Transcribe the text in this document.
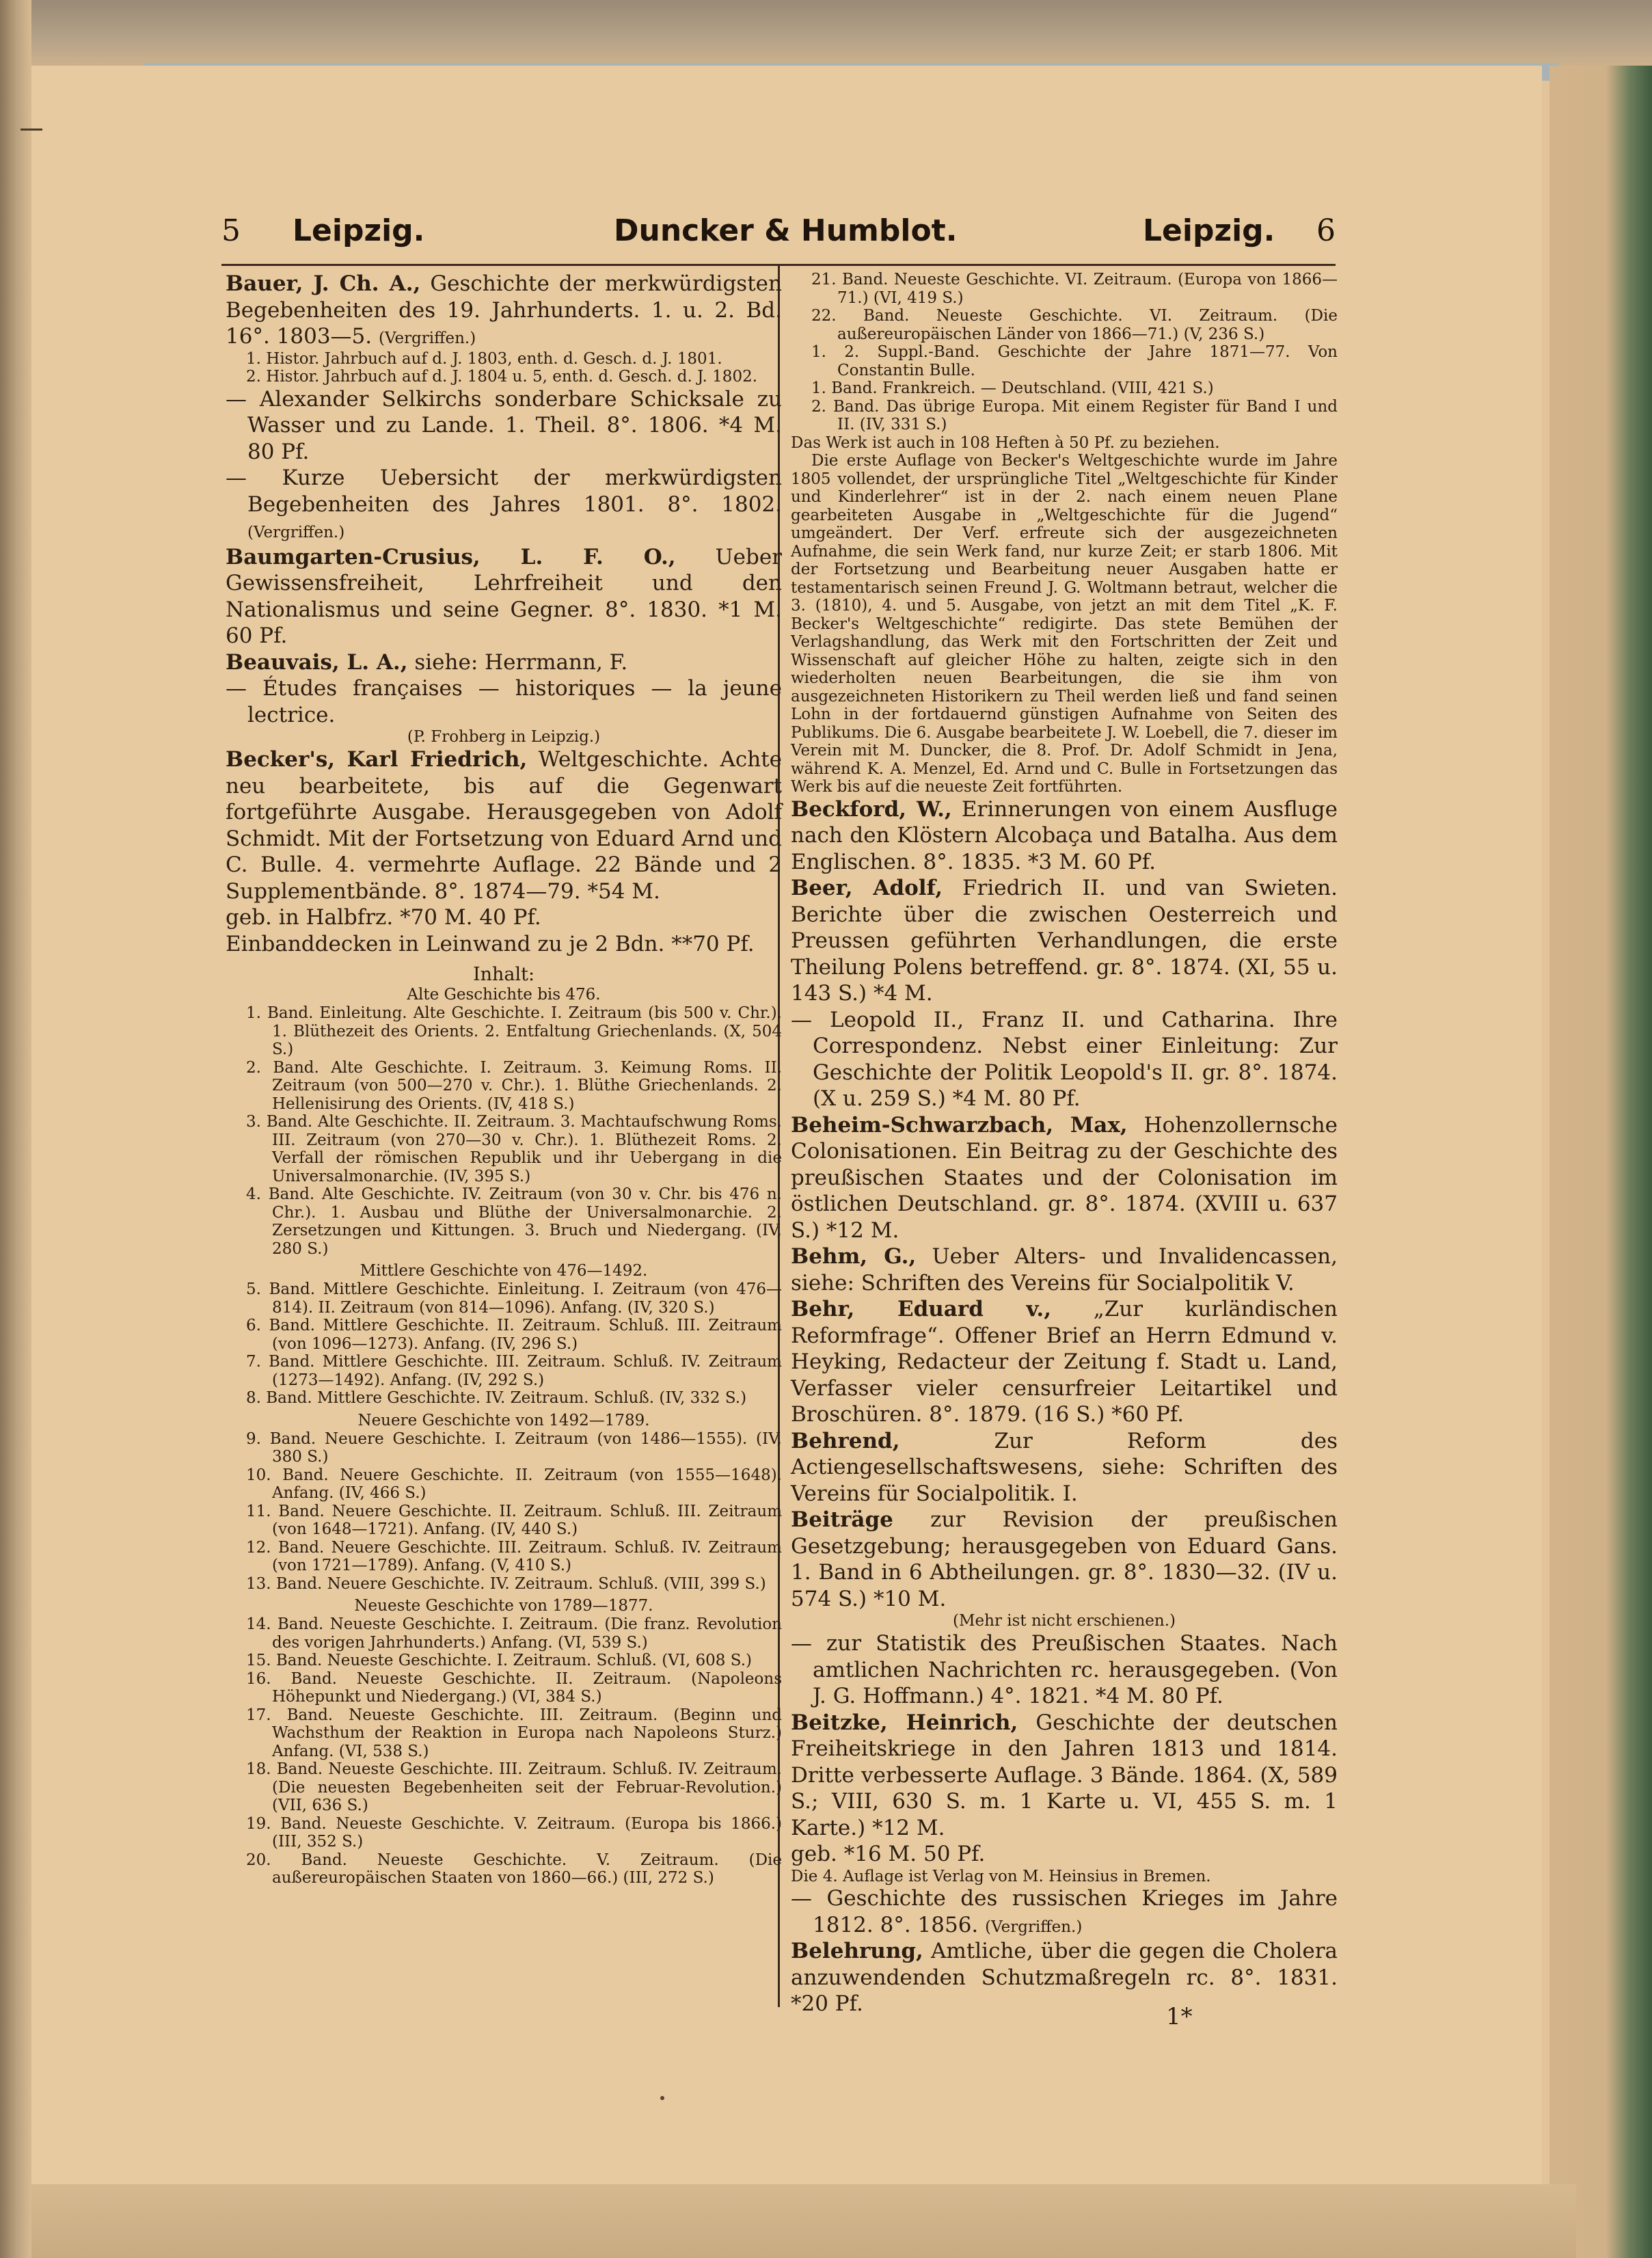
5 Leipzig.	Duncker & Humblot.	Leipzig. 6
Bauer, J. Ch. A., Geschichte der merkwürdigsten Begebenheiten des 19. Jahrhunderts. 1. u. 2. Bd. 16°. 1803—5. (Vergriffen.)
1. Histor. Jahrbuch auf d. J. 1803, enth. d. Gesch. d. J. 1801.
2. Histor. Jahrbuch auf d. J. 1804 u. 5, enth. d. Gesch. d. J. 1802.
— Alexander Selkirchs sonderbare Schicksale zu Wasser und zu Lande. 1. Theil. 8°. 1806. *4 M. 80 Pf.
— Kurze Uebersicht der merkwürdigsten Begebenheiten des Jahres 1801. 8°. 1802. (Vergriffen.)
Baumgarten-Crusius, L. F. O., Ueber Gewissensfreiheit, Lehrfreiheit und den Nationalismus und seine Gegner. 8°. 1830. *1 M. 60 Pf.
Beauvais, L. A., siehe: Herrmann, F.
— Études françaises — historiques — la jeune lectrice.
(P. Frohberg in Leipzig.)
Becker's, Karl Friedrich, Weltgeschichte. Achte neu bearbeitete, bis auf die Gegenwart fortgeführte Ausgabe. Herausgegeben von Adolf Schmidt. Mit der Fortsetzung von Eduard Arnd und C. Bulle. 4. vermehrte Auflage. 22 Bände und 2 Supplementbände. 8°. 1874—79. *54 M.
geb. in Halbfrz. *70 M. 40 Pf.
Einbanddecken in Leinwand zu je 2 Bdn. **70 Pf.
Inhalt:
Alte Geschichte bis 476.
1. Band. Einleitung. Alte Geschichte. I. Zeitraum (bis 500 v. Chr.). 1. Blüthezeit des Orients. 2. Entfaltung Griechenlands. (X, 504 S.)
2. Band. Alte Geschichte. I. Zeitraum. 3. Keimung Roms. II. Zeitraum (von 500—270 v. Chr.). 1. Blüthe Griechenlands. 2. Hellenisirung des Orients. (IV, 418 S.)
3. Band. Alte Geschichte. II. Zeitraum. 3. Machtaufschwung Roms. III. Zeitraum (von 270—30 v. Chr.). 1. Blüthezeit Roms. 2. Verfall der römischen Republik und ihr Uebergang in die Universalmonarchie. (IV, 395 S.)
4. Band. Alte Geschichte. IV. Zeitraum (von 30 v. Chr. bis 476 n. Chr.). 1. Ausbau und Blüthe der Universalmonarchie. 2. Zersetzungen und Kittungen. 3. Bruch und Niedergang. (IV, 280 S.)
Mittlere Geschichte von 476—1492.
5. Band. Mittlere Geschichte. Einleitung. I. Zeitraum (von 476—814). II. Zeitraum (von 814—1096). Anfang. (IV, 320 S.)
6. Band. Mittlere Geschichte. II. Zeitraum. Schluß. III. Zeitraum (von 1096—1273). Anfang. (IV, 296 S.)
7. Band. Mittlere Geschichte. III. Zeitraum. Schluß. IV. Zeitraum (1273—1492). Anfang. (IV, 292 S.)
8. Band. Mittlere Geschichte. IV. Zeitraum. Schluß. (IV, 332 S.)
Neuere Geschichte von 1492—1789.
9. Band. Neuere Geschichte. I. Zeitraum (von 1486—1555). (IV, 380 S.)
10. Band. Neuere Geschichte. II. Zeitraum (von 1555—1648). Anfang. (IV, 466 S.)
11. Band. Neuere Geschichte. II. Zeitraum. Schluß. III. Zeitraum (von 1648—1721). Anfang. (IV, 440 S.)
12. Band. Neuere Geschichte. III. Zeitraum. Schluß. IV. Zeitraum (von 1721—1789). Anfang. (V, 410 S.)
13. Band. Neuere Geschichte. IV. Zeitraum. Schluß. (VIII, 399 S.)
Neueste Geschichte von 1789—1877.
14. Band. Neueste Geschichte. I. Zeitraum. (Die franz. Revolution des vorigen Jahrhunderts.) Anfang. (VI, 539 S.)
15. Band. Neueste Geschichte. I. Zeitraum. Schluß. (VI, 608 S.)
16. Band. Neueste Geschichte. II. Zeitraum. (Napoleons Höhepunkt und Niedergang.) (VI, 384 S.)
17. Band. Neueste Geschichte. III. Zeitraum. (Beginn und Wachsthum der Reaktion in Europa nach Napoleons Sturz.) Anfang. (VI, 538 S.)
18. Band. Neueste Geschichte. III. Zeitraum. Schluß. IV. Zeitraum. (Die neuesten Begebenheiten seit der Februar-Revolution.) (VII, 636 S.)
19. Band. Neueste Geschichte. V. Zeitraum. (Europa bis 1866.) (III, 352 S.)
20. Band. Neueste Geschichte. V. Zeitraum. (Die außereuropäischen Staaten von 1860—66.) (III, 272 S.)
21. Band. Neueste Geschichte. VI. Zeitraum. (Europa von 1866—71.) (VI, 419 S.)
22. Band. Neueste Geschichte. VI. Zeitraum. (Die außereuropäischen Länder von 1866—71.) (V, 236 S.)
1. 2. Suppl.-Band. Geschichte der Jahre 1871—77. Von Constantin Bulle.
1. Band. Frankreich. — Deutschland. (VIII, 421 S.)
2. Band. Das übrige Europa. Mit einem Register für Band I und II. (IV, 331 S.)
Das Werk ist auch in 108 Heften à 50 Pf. zu beziehen.
Die erste Auflage von Becker's Weltgeschichte wurde im Jahre 1805 vollendet, der ursprüngliche Titel „Weltgeschichte für Kinder und Kinderlehrer“ ist in der 2. nach einem neuen Plane gearbeiteten Ausgabe in „Weltgeschichte für die Jugend“ umgeändert. Der Verf. erfreute sich der ausgezeichneten Aufnahme, die sein Werk fand, nur kurze Zeit; er starb 1806. Mit der Fortsetzung und Bearbeitung neuer Ausgaben hatte er testamentarisch seinen Freund J. G. Woltmann betraut, welcher die 3. (1810), 4. und 5. Ausgabe, von jetzt an mit dem Titel „K. F. Becker's Weltgeschichte“ redigirte. Das stete Bemühen der Verlagshandlung, das Werk mit den Fortschritten der Zeit und Wissenschaft auf gleicher Höhe zu halten, zeigte sich in den wiederholten neuen Bearbeitungen, die sie ihm von ausgezeichneten Historikern zu Theil werden ließ und fand seinen Lohn in der fortdauernd günstigen Aufnahme von Seiten des Publikums. Die 6. Ausgabe bearbeitete J. W. Loebell, die 7. dieser im Verein mit M. Duncker, die 8. Prof. Dr. Adolf Schmidt in Jena, während K. A. Menzel, Ed. Arnd und C. Bulle in Fortsetzungen das Werk bis auf die neueste Zeit fortführten.
Beckford, W., Erinnerungen von einem Ausfluge nach den Klöstern Alcobaça und Batalha. Aus dem Englischen. 8°. 1835. *3 M. 60 Pf.
Beer, Adolf, Friedrich II. und van Swieten. Berichte über die zwischen Oesterreich und Preussen geführten Verhandlungen, die erste Theilung Polens betreffend. gr. 8°. 1874. (XI, 55 u. 143 S.) *4 M.
— Leopold II., Franz II. und Catharina. Ihre Correspondenz. Nebst einer Einleitung: Zur Geschichte der Politik Leopold's II. gr. 8°. 1874. (X u. 259 S.) *4 M. 80 Pf.
Beheim-Schwarzbach, Max, Hohenzollernsche Colonisationen. Ein Beitrag zu der Geschichte des preußischen Staates und der Colonisation im östlichen Deutschland. gr. 8°. 1874. (XVIII u. 637 S.) *12 M.
Behm, G., Ueber Alters- und Invalidencassen, siehe: Schriften des Vereins für Socialpolitik V.
Behr, Eduard v., „Zur kurländischen Reformfrage“. Offener Brief an Herrn Edmund v. Heyking, Redacteur der Zeitung f. Stadt u. Land, Verfasser vieler censurfreier Leitartikel und Broschüren. 8°. 1879. (16 S.) *60 Pf.
Behrend,	Zur Reform des Actiengesellschaftswesens, siehe: Schriften des Vereins für Socialpolitik. I.
Beiträge zur Revision der preußischen Gesetzgebung; herausgegeben von Eduard Gans. 1. Band in 6 Abtheilungen. gr. 8°. 1830—32. (IV u. 574 S.) *10 M.
(Mehr ist nicht erschienen.)
— zur Statistik des Preußischen Staates. Nach amtlichen Nachrichten rc. herausgegeben. (Von J. G. Hoffmann.) 4°. 1821. *4 M. 80 Pf.
Beitzke, Heinrich, Geschichte der deutschen Freiheitskriege in den Jahren 1813 und 1814. Dritte verbesserte Auflage. 3 Bände. 1864. (X, 589 S.; VIII, 630 S. m. 1 Karte u. VI, 455 S. m. 1 Karte.) *12 M.
geb. *16 M. 50 Pf.
Die 4. Auflage ist Verlag von M. Heinsius in Bremen.
— Geschichte des russischen Krieges im Jahre 1812. 8°. 1856. (Vergriffen.)
Belehrung, Amtliche, über die gegen die Cholera anzuwendenden Schutzmaßregeln rc. 8°. 1831. *20 Pf.	1*
